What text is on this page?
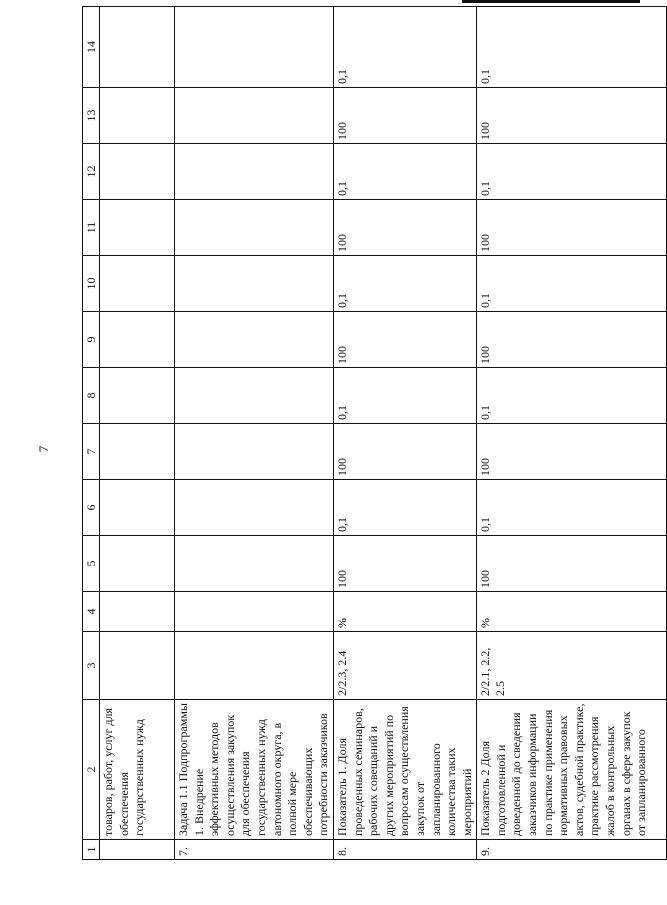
7
1	2	3	4	5	6	7	8	9	10	11	12	13	14
	товаров, работ, услуг для обеспечения государственных нужд												
7.	Задача 1.1 Подпрограммы 1. Внедрение эффективных методов осуществления закупок для обеспечения государственных нужд автономного округа, в полной мере обеспечивающих потребности заказчиков												
8.	Показатель 1. Доля проведенных семинаров, рабочих совещаний и других мероприятий по вопросам осуществления закупок от запланированного количества таких мероприятий	2/2.3, 2.4	%	100	0,1	100	0,1	100	0,1	100	0,1	100	0,1
9.	Показатель 2 Доля подготовленной и доведенной до сведения заказчиков информации по практике применения нормативных правовых актов, судебной практике, практике рассмотрения жалоб в контрольных органах в сфере закупок от запланированного	2/2.1, 2.2, 2.5	%	100	0,1	100	0,1	100	0,1	100	0,1	100	0,1
